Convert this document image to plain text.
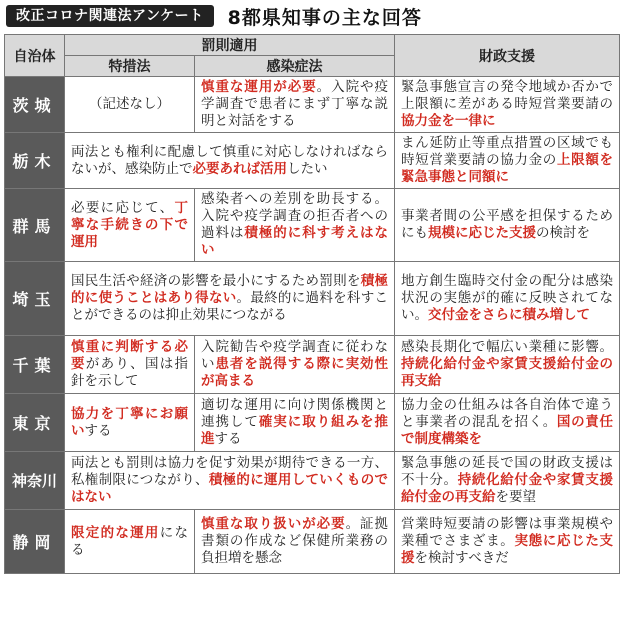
改正コロナ関連法アンケート	8都県知事の主な回答
自治体	罰則適用		財政支援
	特措法	感染症法	
茨城	（記述なし）	慎重な運用が必要。入院や疫学調査で患者にまず丁寧な説明と対話をする	緊急事態宣言の発令地域か否かで上限額に差がある時短営業要請の協力金を一律に
栃木	両法とも権利に配慮して慎重に対応しなければならないが、感染防止で必要あれば活用したい		まん延防止等重点措置の区域でも時短営業要請の協力金の上限額を緊急事態と同額に
群馬	必要に応じて、丁寧な手続きの下で運用	感染者への差別を助長する。入院や疫学調査の拒否者への過料は積極的に科す考えはない	事業者間の公平感を担保するためにも規模に応じた支援の検討を
埼玉	国民生活や経済の影響を最小にするため罰則を積極的に使うことはあり得ない。最終的に過料を科すことができるのは抑止効果につながる		地方創生臨時交付金の配分は感染状況の実態が的確に反映されてない。交付金をさらに積み増して
千葉	慎重に判断する必要があり、国は指針を示して	入院勧告や疫学調査に従わない患者を説得する際に実効性が高まる	感染長期化で幅広い業種に影響。持続化給付金や家賃支援給付金の再支給
東京	協力を丁寧にお願いする	適切な運用に向け関係機関と連携して確実に取り組みを推進する	協力金の仕組みは各自治体で違うと事業者の混乱を招く。国の責任で制度構築を
神奈川	両法とも罰則は協力を促す効果が期待できる一方、私権制限につながり、積極的に運用していくものではない		緊急事態の延長で国の財政支援は不十分。持続化給付金や家賃支援給付金の再支給を要望
静岡	限定的な運用になる	慎重な取り扱いが必要。証拠書類の作成など保健所業務の負担増を懸念	営業時短要請の影響は事業規模や業種でさまざま。実態に応じた支援を検討すべきだ
